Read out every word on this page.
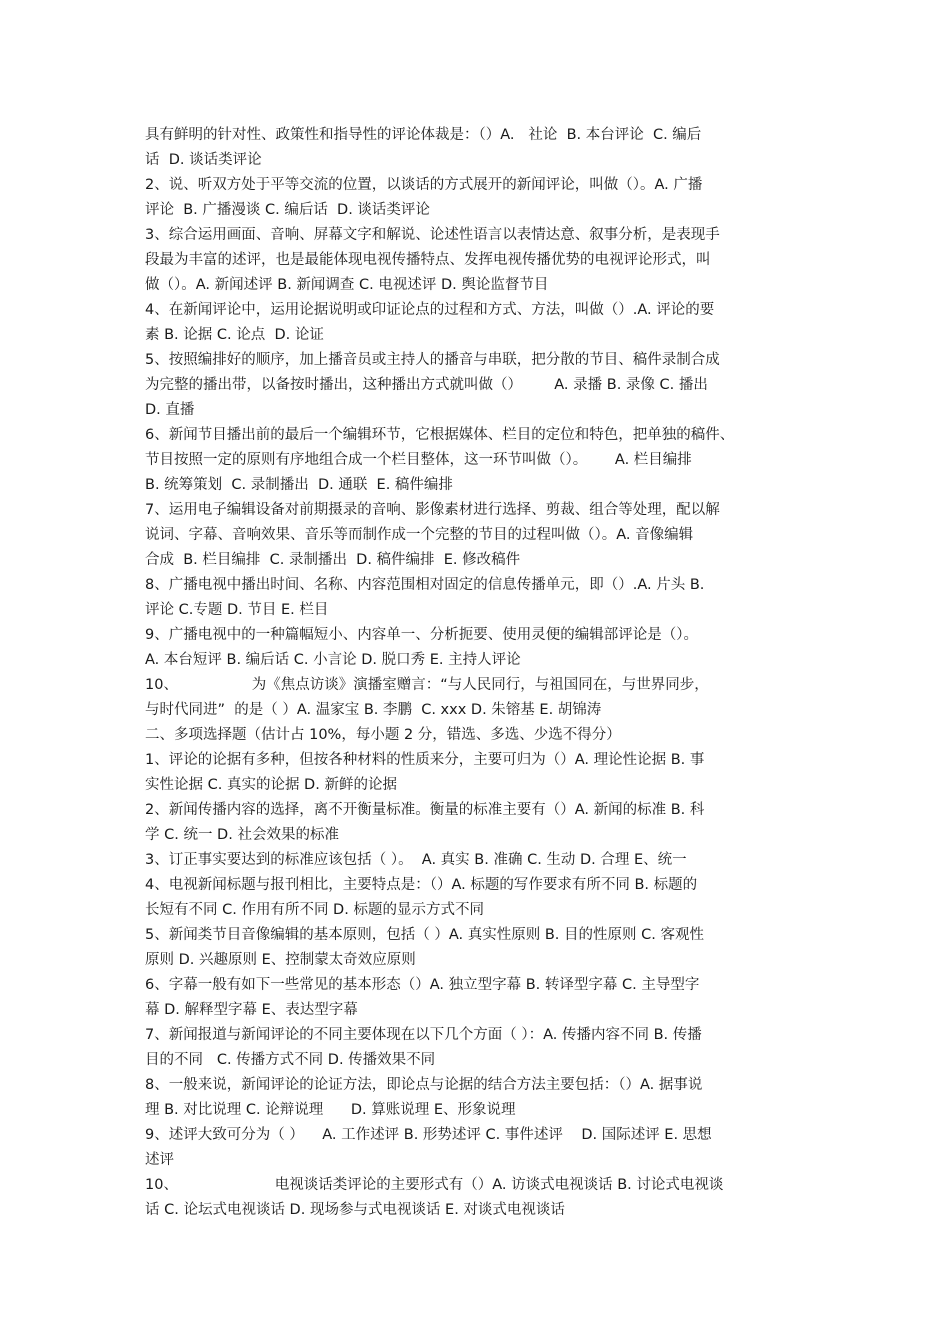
具有鲜明的针对性、政策性和指导性的评论体裁是：（）A.   社论  B. 本台评论  C. 编后
话  D. 谈话类评论
2、说、听双方处于平等交流的位置，以谈话的方式展开的新闻评论，叫做（）。A. 广播
评论  B. 广播漫谈 C. 编后话  D. 谈话类评论
3、综合运用画面、音响、屏幕文字和解说、论述性语言以表情达意、叙事分析，是表现手
段最为丰富的述评，也是最能体现电视传播特点、发挥电视传播优势的电视评论形式，叫
做（）。A. 新闻述评 B. 新闻调查 C. 电视述评 D. 舆论监督节目
4、在新闻评论中，运用论据说明或印证论点的过程和方式、方法，叫做（）.A. 评论的要
素 B. 论据 C. 论点  D. 论证
5、按照编排好的顺序，加上播音员或主持人的播音与串联，把分散的节目、稿件录制合成
为完整的播出带，以备按时播出，这种播出方式就叫做（）       A. 录播 B. 录像 C. 播出
D. 直播
6、新闻节目播出前的最后一个编辑环节，它根据媒体、栏目的定位和特色，把单独的稿件、
节目按照一定的原则有序地组合成一个栏目整体，这一环节叫做（）。      A. 栏目编排
B. 统筹策划  C. 录制播出  D. 通联  E. 稿件编排
7、运用电子编辑设备对前期摄录的音响、影像素材进行选择、剪裁、组合等处理，配以解
说词、字幕、音响效果、音乐等而制作成一个完整的节目的过程叫做（）。A. 音像编辑
合成  B. 栏目编排  C. 录制播出  D. 稿件编排  E. 修改稿件
8、广播电视中播出时间、名称、内容范围相对固定的信息传播单元，即（）.A. 片头 B.
评论 C.专题 D. 节目 E. 栏目
9、广播电视中的一种篇幅短小、内容单一、分析扼要、使用灵便的编辑部评论是（）。
A. 本台短评 B. 编后话 C. 小言论 D. 脱口秀 E. 主持人评论
10、                为《焦点访谈》演播室赠言：“与人民同行，与祖国同在，与世界同步，
与时代同进”  的是（ ）A. 温家宝 B. 李鹏  C. xxx D. 朱镕基 E. 胡锦涛
二、多项选择题（估计占 10%，每小题 2 分，错选、多选、少选不得分）
1、评论的论据有多种，但按各种材料的性质来分，主要可归为（）A. 理论性论据 B. 事
实性论据 C. 真实的论据 D. 新鲜的论据
2、新闻传播内容的选择，离不开衡量标准。衡量的标准主要有（）A. 新闻的标准 B. 科
学 C. 统一 D. 社会效果的标准
3、订正事实要达到的标准应该包括（ ）。  A. 真实 B. 准确 C. 生动 D. 合理 E、统一
4、电视新闻标题与报刊相比，主要特点是：（）A. 标题的写作要求有所不同 B. 标题的
长短有不同 C. 作用有所不同 D. 标题的显示方式不同
5、新闻类节目音像编辑的基本原则，包括（ ）A. 真实性原则 B. 目的性原则 C. 客观性
原则 D. 兴趣原则 E、控制蒙太奇效应原则
6、字幕一般有如下一些常见的基本形态（）A. 独立型字幕 B. 转译型字幕 C. 主导型字
幕 D. 解释型字幕 E、表达型字幕
7、新闻报道与新闻评论的不同主要体现在以下几个方面（ ）：A. 传播内容不同 B. 传播
目的不同   C. 传播方式不同 D. 传播效果不同
8、一般来说，新闻评论的论证方法，即论点与论据的结合方法主要包括：（）A. 据事说
理 B. 对比说理 C. 论辩说理      D. 算账说理 E、形象说理
9、述评大致可分为（ ）    A. 工作述评 B. 形势述评 C. 事件述评    D. 国际述评 E. 思想
述评
10、                     电视谈话类评论的主要形式有（）A. 访谈式电视谈话 B. 讨论式电视谈
话 C. 论坛式电视谈话 D. 现场参与式电视谈话 E. 对谈式电视谈话
